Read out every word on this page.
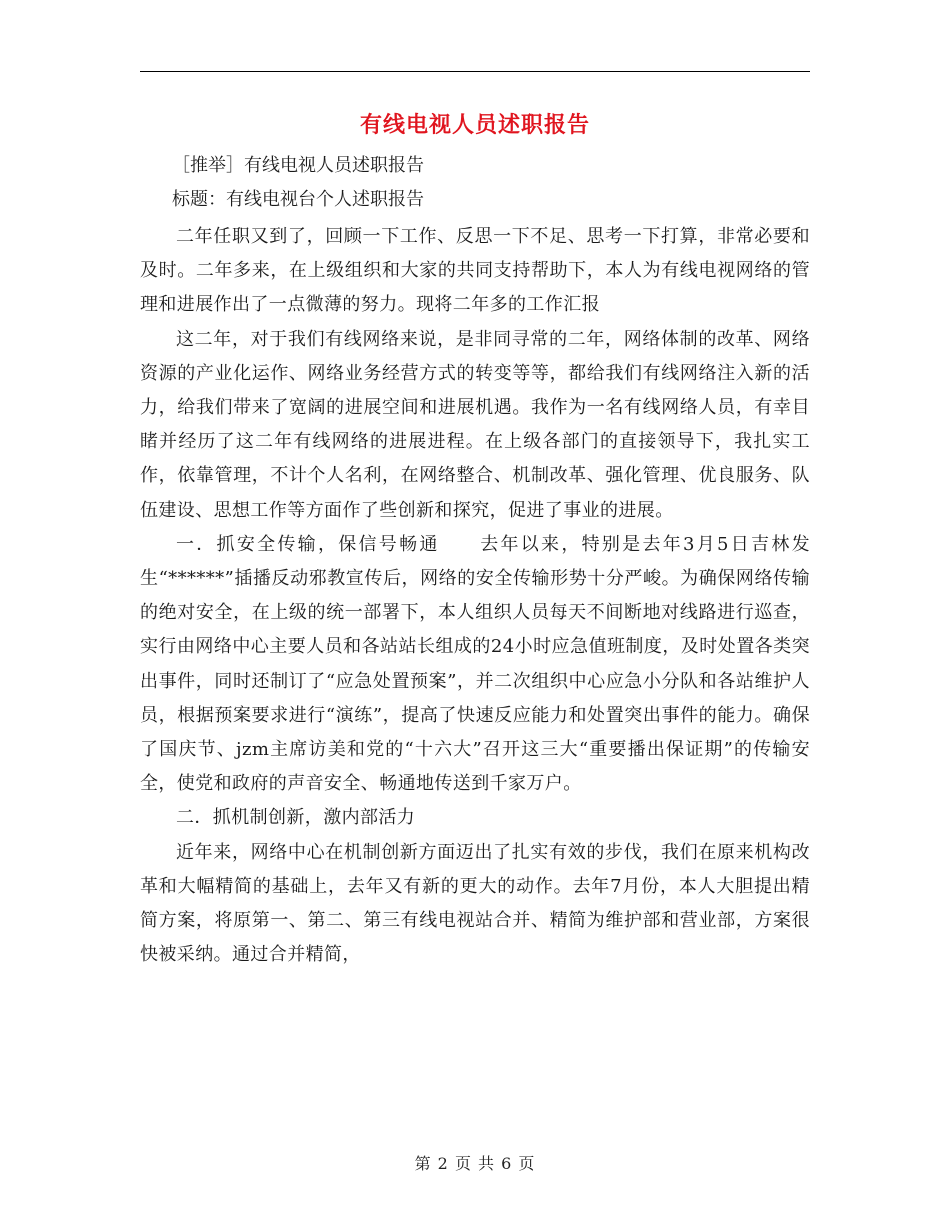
有线电视人员述职报告
［推举］有线电视人员述职报告
标题：有线电视台个人述职报告

二年任职又到了，回顾一下工作、反思一下不足、思考一下打算，非常必要和及时。二年多来，在上级组织和大家的共同支持帮助下，本人为有线电视网络的管理和进展作出了一点微薄的努力。现将二年多的工作汇报

这二年，对于我们有线网络来说，是非同寻常的二年，网络体制的改革、网络资源的产业化运作、网络业务经营方式的转变等等，都给我们有线网络注入新的活力，给我们带来了宽阔的进展空间和进展机遇。我作为一名有线网络人员，有幸目睹并经历了这二年有线网络的进展进程。在上级各部门的直接领导下，我扎实工作，依靠管理，不计个人名利，在网络整合、机制改革、强化管理、优良服务、队伍建设、思想工作等方面作了些创新和探究，促进了事业的进展。

一．抓安全传输，保信号畅通　　去年以来，特别是去年3月5日吉林发生“******”插播反动邪教宣传后，网络的安全传输形势十分严峻。为确保网络传输的绝对安全，在上级的统一部署下，本人组织人员每天不间断地对线路进行巡查，实行由网络中心主要人员和各站站长组成的24小时应急值班制度，及时处置各类突出事件，同时还制订了“应急处置预案”，并二次组织中心应急小分队和各站维护人员，根据预案要求进行“演练”，提高了快速反应能力和处置突出事件的能力。确保了国庆节、jzm主席访美和党的“十六大”召开这三大“重要播出保证期”的传输安全，使党和政府的声音安全、畅通地传送到千家万户。

二．抓机制创新，激内部活力

近年来，网络中心在机制创新方面迈出了扎实有效的步伐，我们在原来机构改革和大幅精简的基础上，去年又有新的更大的动作。去年7月份，本人大胆提出精简方案，将原第一、第二、第三有线电视站合并、精简为维护部和营业部，方案很快被采纳。通过合并精简，

第 2 页 共 6 页
